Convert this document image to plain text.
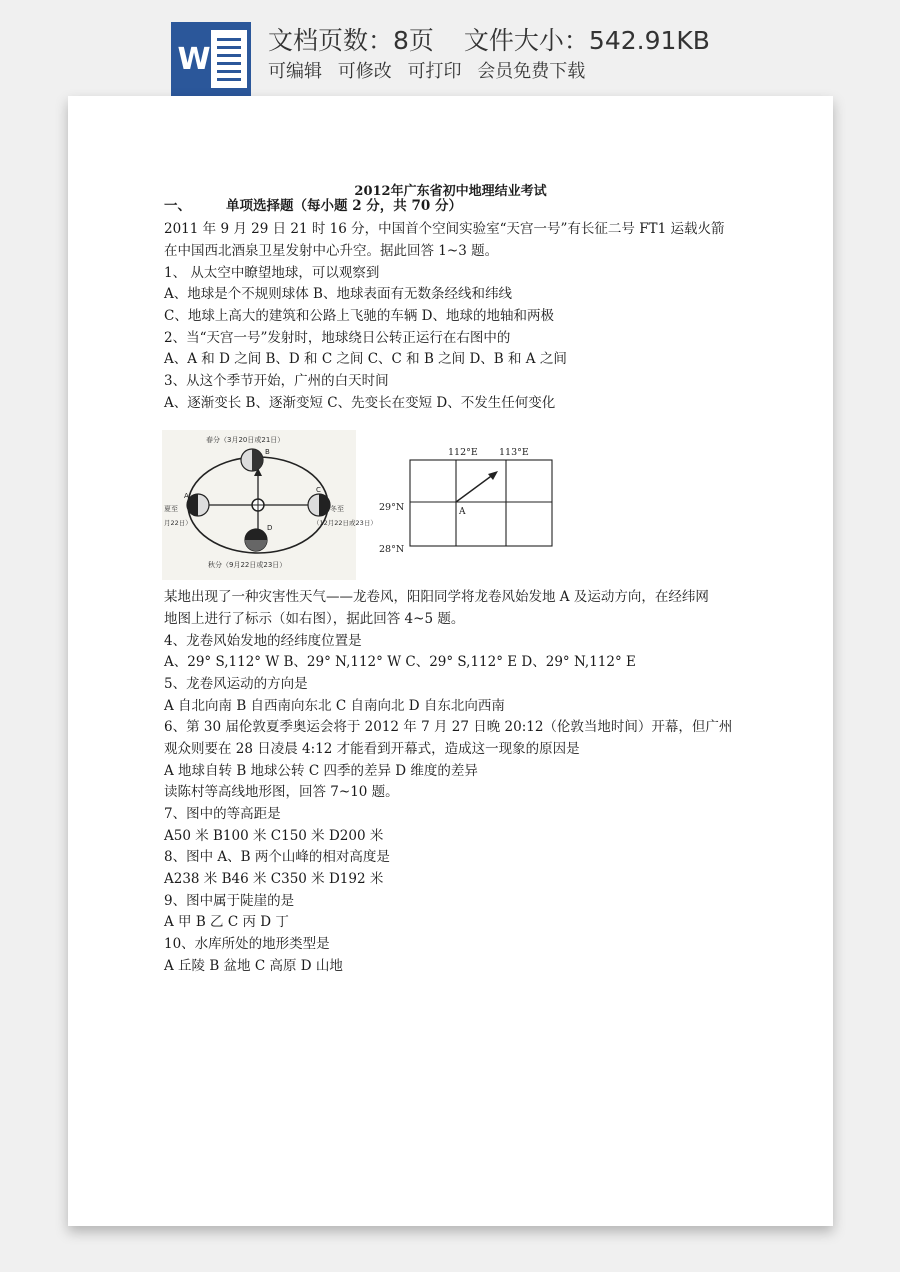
W
文档页数：8页 文件大小：542.91KB
可编辑 可修改 可打印 会员免费下载
2012年广东省初中地理结业考试
一、	单项选择题（每小题 2 分，共 70 分）
2011 年 9 月 29 日 21 时 16 分，中国首个空间实验室“天宫一号”有长征二号 FT1 运载火箭
在中国西北酒泉卫星发射中心升空。据此回答 1~3 题。
1、 从太空中瞭望地球，可以观察到
A、地球是个不规则球体 B、地球表面有无数条经线和纬线
C、地球上高大的建筑和公路上飞驰的车辆 D、地球的地轴和两极
2、当“天宫一号”发射时，地球绕日公转正运行在右图中的
A、A 和 D 之间 B、D 和 C 之间 C、C 和 B 之间 D、B 和 A 之间
3、从这个季节开始，广州的白天时间
A、逐渐变长 B、逐渐变短 C、先变长在变短 D、不发生任何变化
春分（3月20日或21日）
秋分（9月22日或23日）
冬至
（12月22日或23日）
夏至
月22日）
B
A
C
D
112°E 113°E
29°N
28°N
A
某地出现了一种灾害性天气——龙卷风，阳阳同学将龙卷风始发地 A 及运动方向，在经纬网
地图上进行了标示（如右图），据此回答 4~5 题。
4、龙卷风始发地的经纬度位置是
A、29° S,112° W B、29° N,112° W C、29° S,112° E D、29° N,112° E
5、龙卷风运动的方向是
A 自北向南 B 自西南向东北 C 自南向北 D 自东北向西南
6、第 30 届伦敦夏季奥运会将于 2012 年 7 月 27 日晚 20:12（伦敦当地时间）开幕，但广州
观众则要在 28 日凌晨 4:12 才能看到开幕式，造成这一现象的原因是
A 地球自转 B 地球公转 C 四季的差异 D 维度的差异
读陈村等高线地形图，回答 7~10 题。
7、图中的等高距是
A50 米 B100 米 C150 米 D200 米
8、图中 A、B 两个山峰的相对高度是
A238 米 B46 米 C350 米 D192 米
9、图中属于陡崖的是
A 甲 B 乙 C 丙 D 丁
10、水库所处的地形类型是
A 丘陵 B 盆地 C 高原 D 山地
